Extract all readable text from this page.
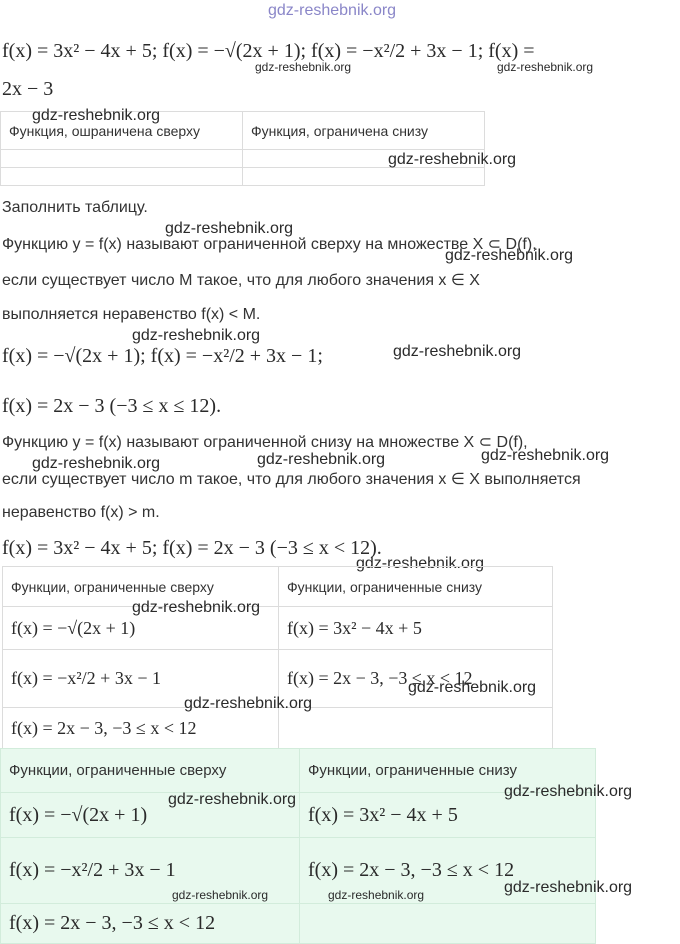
gdz-reshebnik.org
f(x) = 3x² − 4x + 5; f(x) = −√(2x + 1); f(x) = −x²/2 + 3x − 1; f(x) =
2x − 3
gdz-reshebnik.org	gdz-reshebnik.org
Функция, ошраничена сверху	Функция, ограничена снизу

gdz-reshebnik.org
gdz-reshebnik.org
Заполнить таблицу.
gdz-reshebnik.org
Функцию y = f(x) называют ограниченной сверху на множестве X ⊂ D(f),
gdz-reshebnik.org
если существует число M такое, что для любого значения x ∈ X
выполняется неравенство f(x) < M.
gdz-reshebnik.org
f(x) = −√(2x + 1); f(x) = −x²/2 + 3x − 1;	gdz-reshebnik.org
f(x) = 2x − 3 (−3 ≤ x ≤ 12).
Функцию y = f(x) называют ограниченной снизу на множестве X ⊂ D(f),
gdz-reshebnik.org	gdz-reshebnik.org	gdz-reshebnik.org
если существует число m такое, что для любого значения x ∈ X выполняется
неравенство f(x) > m.
f(x) = 3x² − 4x + 5; f(x) = 2x − 3 (−3 ≤ x < 12).
gdz-reshebnik.org
Функции, ограниченные сверху	Функции, ограниченные снизу
f(x) = −√(2x + 1)	f(x) = 3x² − 4x + 5
f(x) = −x²/2 + 3x − 1	f(x) = 2x − 3, −3 ≤ x < 12
f(x) = 2x − 3, −3 ≤ x < 12	
gdz-reshebnik.org
gdz-reshebnik.org
gdz-reshebnik.org
Функции, ограниченные сверху	Функции, ограниченные снизу
f(x) = −√(2x + 1)	f(x) = 3x² − 4x + 5
f(x) = −x²/2 + 3x − 1	f(x) = 2x − 3, −3 ≤ x < 12
f(x) = 2x − 3, −3 ≤ x < 12	
gdz-reshebnik.org	gdz-reshebnik.org
gdz-reshebnik.org
gdz-reshebnik.org	gdz-reshebnik.org
